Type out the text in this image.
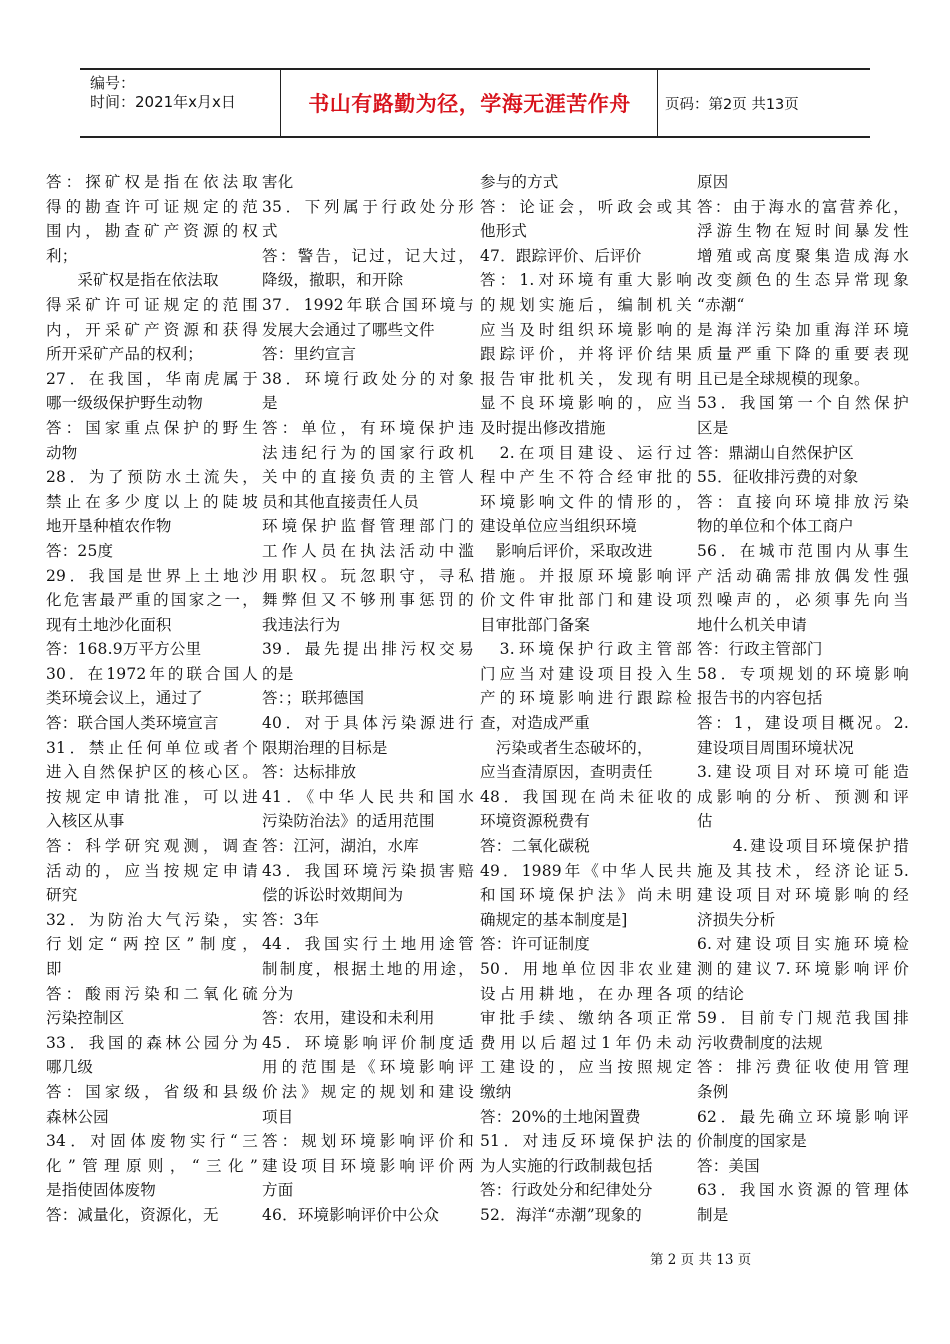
编号：
时间：2021年x月x日	书山有路勤为径，学海无涯苦作舟	页码：第2页 共13页

答：探矿权是指在依法取

得的勘查许可证规定的范

围内，勘查矿产资源的权

利；

　　采矿权是指在依法取

得采矿许可证规定的范围

内，开采矿产资源和获得

所开采矿产品的权利；

27．在我国，华南虎属于

哪一级级保护野生动物

答：国家重点保护的野生

动物

28．为了预防水土流失，

禁止在多少度以上的陡坡

地开垦种植农作物

答：25度

29．我国是世界上土地沙

化危害最严重的国家之一，

现有土地沙化面积

答：168.9万平方公里

30．在1972年的联合国人

类环境会议上，通过了

答：联合国人类环境宣言

31．禁止任何单位或者个

进入自然保护区的核心区。

按规定申请批准，可以进

入核区从事

答：科学研究观测，调查

活动的，应当按规定申请

研究

32．为防治大气污染，实

行划定“两控区”制度，

即

答：酸雨污染和二氧化硫

污染控制区

33．我国的森林公园分为

哪几级

答：国家级，省级和县级

森林公园

34．对固体废物实行“三

化”管理原则，“三化”

是指使固体废物

答：减量化，资源化，无

害化

35．下列属于行政处分形

式

答：警告，记过，记大过，

降级，撤职，和开除

37．1992年联合国环境与

发展大会通过了哪些文件

答：里约宣言

38．环境行政处分的对象

是

答：单位，有环境保护违

法违纪行为的国家行政机

关中的直接负责的主管人

员和其他直接责任人员

环境保护监督管理部门的

工作人员在执法活动中滥

用职权。玩忽职守，寻私

舞弊但又不够刑事惩罚的

我违法行为

39．最先提出排污权交易

的是

答：；联邦德国

40．对于具体污染源进行

限期治理的目标是

答：达标排放

41．《中华人民共和国水

污染防治法》的适用范围

答：江河，湖泊，水库

43．我国环境污染损害赔

偿的诉讼时效期间为

答：3年

44．我国实行土地用途管

制制度，根据土地的用途，

分为

答：农用，建设和未利用

45．环境影响评价制度适

用的范围是《环境影响评

价法》规定的规划和建设

项目

答：规划环境影响评价和

建设项目环境影响评价两

方面

46．环境影响评价中公众

参与的方式

答：论证会，听政会或其

他形式

47．跟踪评价、后评价

答：1.对环境有重大影响

的规划实施后，编制机关

应当及时组织环境影响的

跟踪评价，并将评价结果

报告审批机关，发现有明

显不良环境影响的，应当

及时提出修改措施

　2.在项目建设、运行过

程中产生不符合经审批的

环境影响文件的情形的，

建设单位应当组织环境

　影响后评价，采取改进

措施。并报原环境影响评

价文件审批部门和建设项

目审批部门备案

　3.环境保护行政主管部

门应当对建设项目投入生

产的环境影响进行跟踪检

查，对造成严重

　污染或者生态破坏的，

应当查清原因，查明责任

48．我国现在尚未征收的

环境资源税费有

答：二氧化碳税

49．1989年《中华人民共

和国环境保护法》尚未明

确规定的基本制度是]

答：许可证制度

50．用地单位因非农业建

设占用耕地，在办理各项

审批手续、缴纳各项正常

费用以后超过1年仍未动

工建设的，应当按照规定

缴纳

答：20%的土地闲置费

51．对违反环境保护法的

为人实施的行政制裁包括

答：行政处分和纪律处分

52．海洋“赤潮”现象的

原因

答：由于海水的富营养化，

浮游生物在短时间暴发性

增殖或高度聚集造成海水

改变颜色的生态异常现象

“赤潮“

是海洋污染加重海洋环境

质量严重下降的重要表现

且已是全球规模的现象。

53．我国第一个自然保护

区是

答：鼎湖山自然保护区

55．征收排污费的对象

答：直接向环境排放污染

物的单位和个体工商户

56．在城市范围内从事生

产活动确需排放偶发性强

烈噪声的，必须事先向当

地什么机关申请

答：行政主管部门

58．专项规划的环境影响

报告书的内容包括

答：1，建设项目概况。2.

建设项目周围环境状况

3.建设项目对环境可能造

成影响的分析、预测和评

估

　　4.建设项目环境保护措

施及其技术，经济论证5.

建设项目对环境影响的经

济损失分析

6.对建设项目实施环境检

测的建议7.环境影响评价

的结论

59．目前专门规范我国排

污收费制度的法规

答：排污费征收使用管理

条例

62．最先确立环境影响评

价制度的国家是

答：美国

63．我国水资源的管理体

制是

第 2 页 共 13 页
